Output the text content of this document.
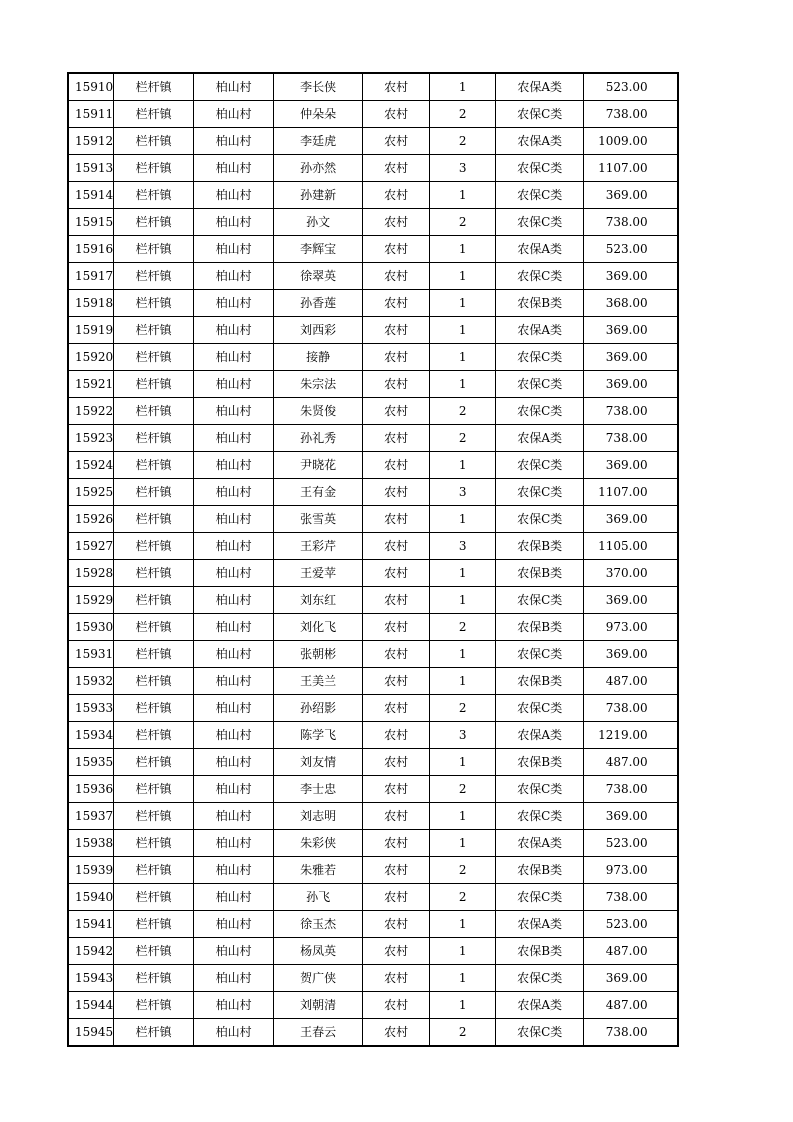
15910	栏杆镇	柏山村	李长侠	农村	1	农保A类	523.00
15911	栏杆镇	柏山村	仲朵朵	农村	2	农保C类	738.00
15912	栏杆镇	柏山村	李廷虎	农村	2	农保A类	1009.00
15913	栏杆镇	柏山村	孙亦然	农村	3	农保C类	1107.00
15914	栏杆镇	柏山村	孙建新	农村	1	农保C类	369.00
15915	栏杆镇	柏山村	孙文	农村	2	农保C类	738.00
15916	栏杆镇	柏山村	李辉宝	农村	1	农保A类	523.00
15917	栏杆镇	柏山村	徐翠英	农村	1	农保C类	369.00
15918	栏杆镇	柏山村	孙香莲	农村	1	农保B类	368.00
15919	栏杆镇	柏山村	刘西彩	农村	1	农保A类	369.00
15920	栏杆镇	柏山村	接静	农村	1	农保C类	369.00
15921	栏杆镇	柏山村	朱宗法	农村	1	农保C类	369.00
15922	栏杆镇	柏山村	朱贤俊	农村	2	农保C类	738.00
15923	栏杆镇	柏山村	孙礼秀	农村	2	农保A类	738.00
15924	栏杆镇	柏山村	尹晓花	农村	1	农保C类	369.00
15925	栏杆镇	柏山村	王有金	农村	3	农保C类	1107.00
15926	栏杆镇	柏山村	张雪英	农村	1	农保C类	369.00
15927	栏杆镇	柏山村	王彩芹	农村	3	农保B类	1105.00
15928	栏杆镇	柏山村	王爱苹	农村	1	农保B类	370.00
15929	栏杆镇	柏山村	刘东红	农村	1	农保C类	369.00
15930	栏杆镇	柏山村	刘化飞	农村	2	农保B类	973.00
15931	栏杆镇	柏山村	张朝彬	农村	1	农保C类	369.00
15932	栏杆镇	柏山村	王美兰	农村	1	农保B类	487.00
15933	栏杆镇	柏山村	孙绍影	农村	2	农保C类	738.00
15934	栏杆镇	柏山村	陈学飞	农村	3	农保A类	1219.00
15935	栏杆镇	柏山村	刘友情	农村	1	农保B类	487.00
15936	栏杆镇	柏山村	李士忠	农村	2	农保C类	738.00
15937	栏杆镇	柏山村	刘志明	农村	1	农保C类	369.00
15938	栏杆镇	柏山村	朱彩侠	农村	1	农保A类	523.00
15939	栏杆镇	柏山村	朱雅若	农村	2	农保B类	973.00
15940	栏杆镇	柏山村	孙飞	农村	2	农保C类	738.00
15941	栏杆镇	柏山村	徐玉杰	农村	1	农保A类	523.00
15942	栏杆镇	柏山村	杨凤英	农村	1	农保B类	487.00
15943	栏杆镇	柏山村	贺广侠	农村	1	农保C类	369.00
15944	栏杆镇	柏山村	刘朝清	农村	1	农保A类	487.00
15945	栏杆镇	柏山村	王春云	农村	2	农保C类	738.00
